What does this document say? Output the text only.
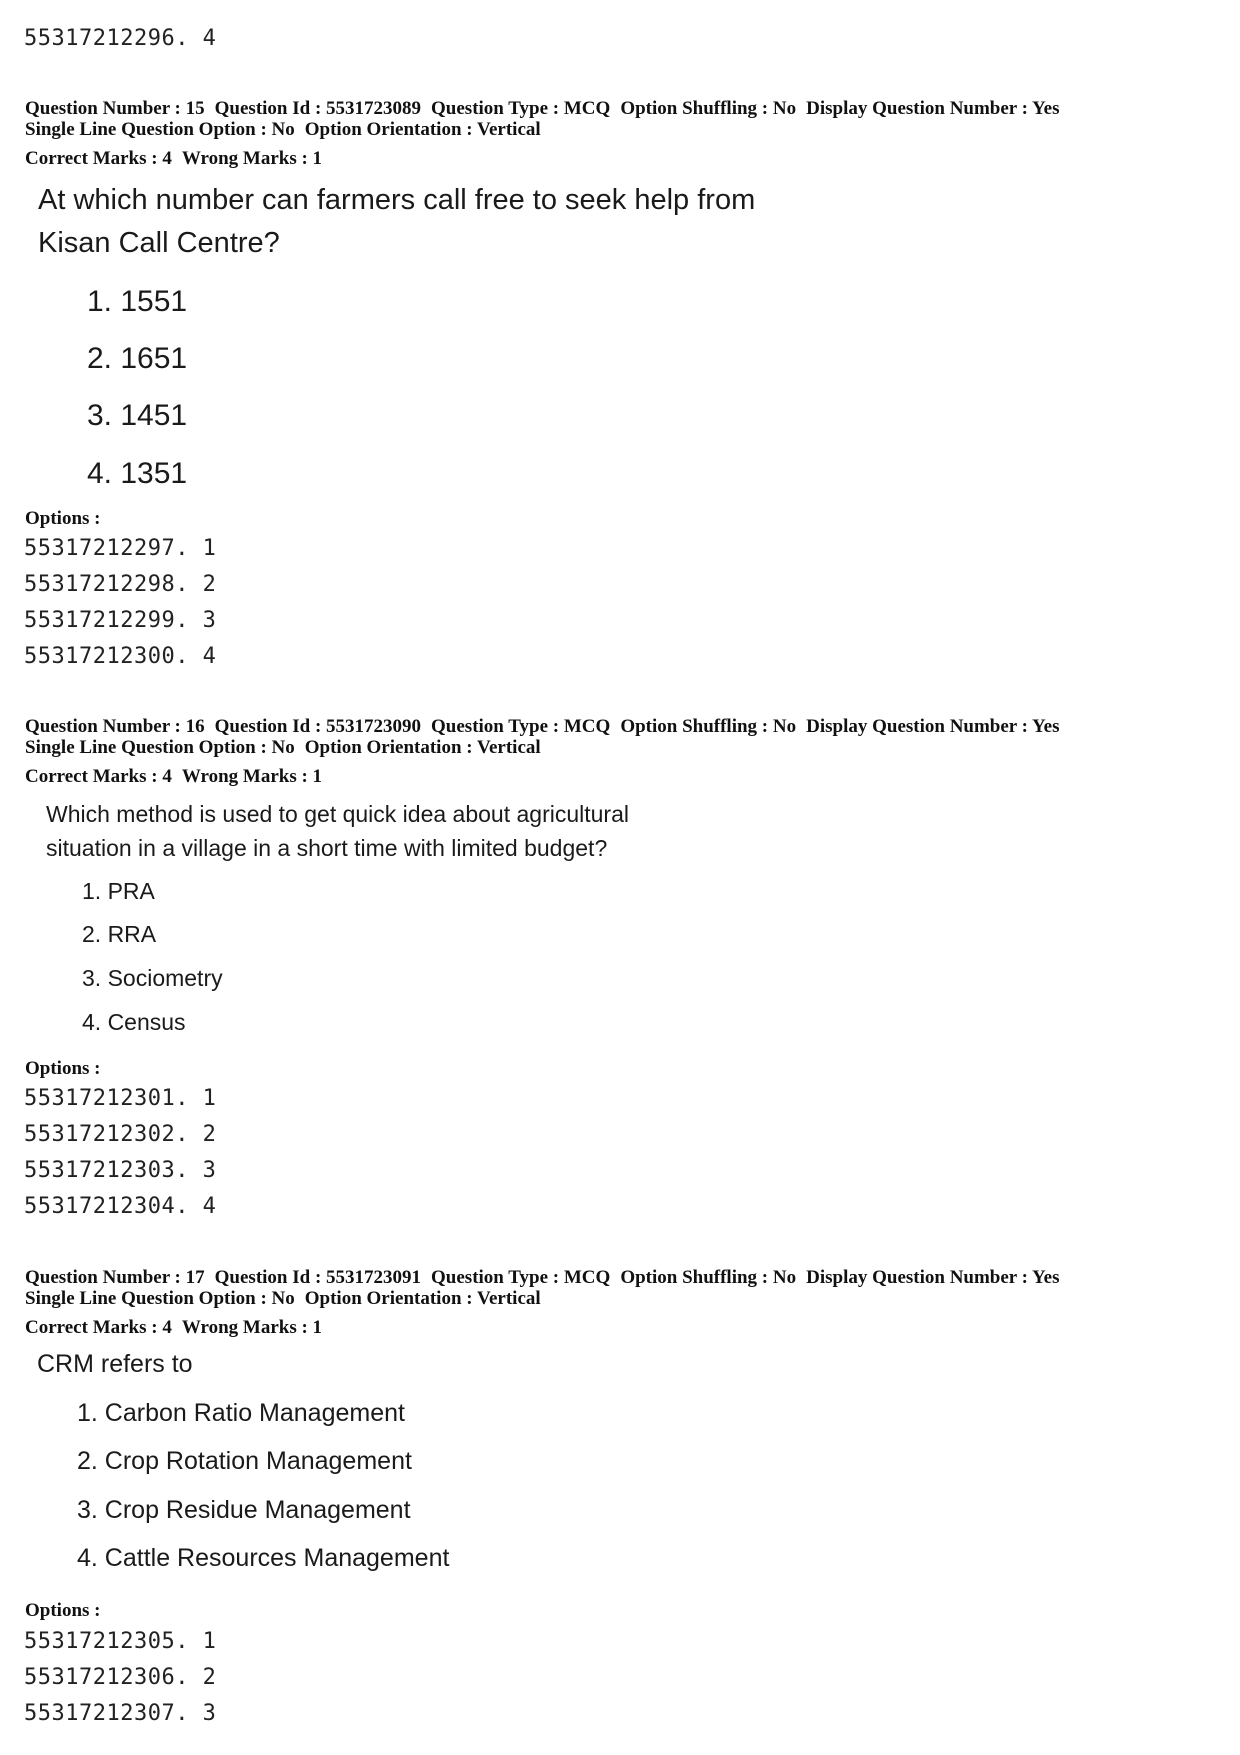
55317212296. 4
Question Number : 15 Question Id : 5531723089 Question Type : MCQ Option Shuffling : No Display Question Number : Yes
Single Line Question Option : No Option Orientation : Vertical
Correct Marks : 4 Wrong Marks : 1
At which number can farmers call free to seek help from
Kisan Call Centre?
1. 1551
2. 1651
3. 1451
4. 1351
Options :
55317212297. 1
55317212298. 2
55317212299. 3
55317212300. 4
Question Number : 16 Question Id : 5531723090 Question Type : MCQ Option Shuffling : No Display Question Number : Yes
Single Line Question Option : No Option Orientation : Vertical
Correct Marks : 4 Wrong Marks : 1
Which method is used to get quick idea about agricultural
situation in a village in a short time with limited budget?
1. PRA
2. RRA
3. Sociometry
4. Census
Options :
55317212301. 1
55317212302. 2
55317212303. 3
55317212304. 4
Question Number : 17 Question Id : 5531723091 Question Type : MCQ Option Shuffling : No Display Question Number : Yes
Single Line Question Option : No Option Orientation : Vertical
Correct Marks : 4 Wrong Marks : 1
CRM refers to
1. Carbon Ratio Management
2. Crop Rotation Management
3. Crop Residue Management
4. Cattle Resources Management
Options :
55317212305. 1
55317212306. 2
55317212307. 3
